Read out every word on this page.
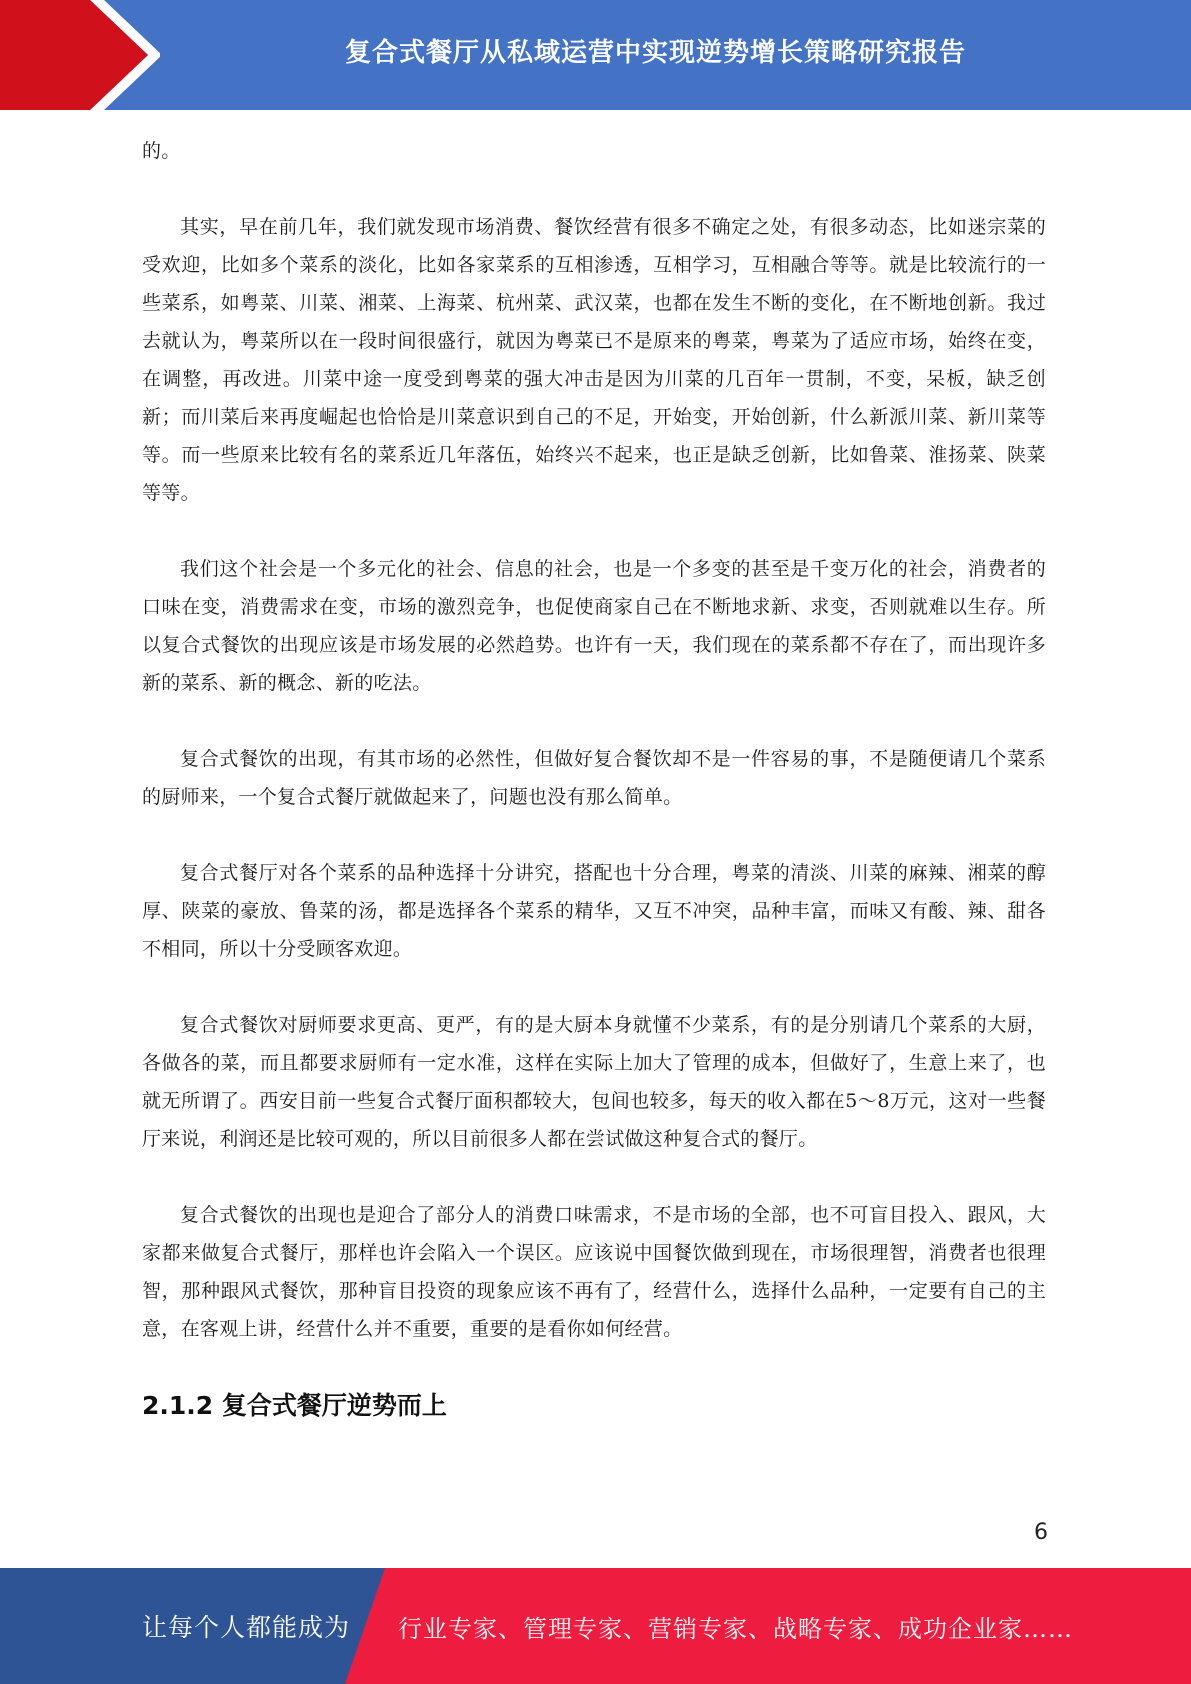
复合式餐厅从私域运营中实现逆势增长策略研究报告

的。

其实，早在前几年，我们就发现市场消费、餐饮经营有很多不确定之处，有很多动态，比如迷宗菜的受欢迎，比如多个菜系的淡化，比如各家菜系的互相渗透，互相学习，互相融合等等。就是比较流行的一些菜系，如粤菜、川菜、湘菜、上海菜、杭州菜、武汉菜，也都在发生不断的变化，在不断地创新。我过去就认为，粤菜所以在一段时间很盛行，就因为粤菜已不是原来的粤菜，粤菜为了适应市场，始终在变，在调整，再改进。川菜中途一度受到粤菜的强大冲击是因为川菜的几百年一贯制，不变，呆板，缺乏创新；而川菜后来再度崛起也恰恰是川菜意识到自己的不足，开始变，开始创新，什么新派川菜、新川菜等等。而一些原来比较有名的菜系近几年落伍，始终兴不起来，也正是缺乏创新，比如鲁菜、淮扬菜、陕菜等等。

我们这个社会是一个多元化的社会、信息的社会，也是一个多变的甚至是千变万化的社会，消费者的口味在变，消费需求在变，市场的激烈竞争，也促使商家自己在不断地求新、求变，否则就难以生存。所以复合式餐饮的出现应该是市场发展的必然趋势。也许有一天，我们现在的菜系都不存在了，而出现许多新的菜系、新的概念、新的吃法。

复合式餐饮的出现，有其市场的必然性，但做好复合餐饮却不是一件容易的事，不是随便请几个菜系的厨师来，一个复合式餐厅就做起来了，问题也没有那么简单。

复合式餐厅对各个菜系的品种选择十分讲究，搭配也十分合理，粤菜的清淡、川菜的麻辣、湘菜的醇厚、陕菜的豪放、鲁菜的汤，都是选择各个菜系的精华，又互不冲突，品种丰富，而味又有酸、辣、甜各不相同，所以十分受顾客欢迎。

复合式餐饮对厨师要求更高、更严，有的是大厨本身就懂不少菜系，有的是分别请几个菜系的大厨，各做各的菜，而且都要求厨师有一定水准，这样在实际上加大了管理的成本，但做好了，生意上来了，也就无所谓了。西安目前一些复合式餐厅面积都较大，包间也较多，每天的收入都在5～8万元，这对一些餐厅来说，利润还是比较可观的，所以目前很多人都在尝试做这种复合式的餐厅。

复合式餐饮的出现也是迎合了部分人的消费口味需求，不是市场的全部，也不可盲目投入、跟风，大家都来做复合式餐厅，那样也许会陷入一个误区。应该说中国餐饮做到现在，市场很理智，消费者也很理智，那种跟风式餐饮，那种盲目投资的现象应该不再有了，经营什么，选择什么品种，一定要有自己的主意，在客观上讲，经营什么并不重要，重要的是看你如何经营。

2.1.2 复合式餐厅逆势而上
6
让每个人都能成为 行业专家、管理专家、营销专家、战略专家、成功企业家……
